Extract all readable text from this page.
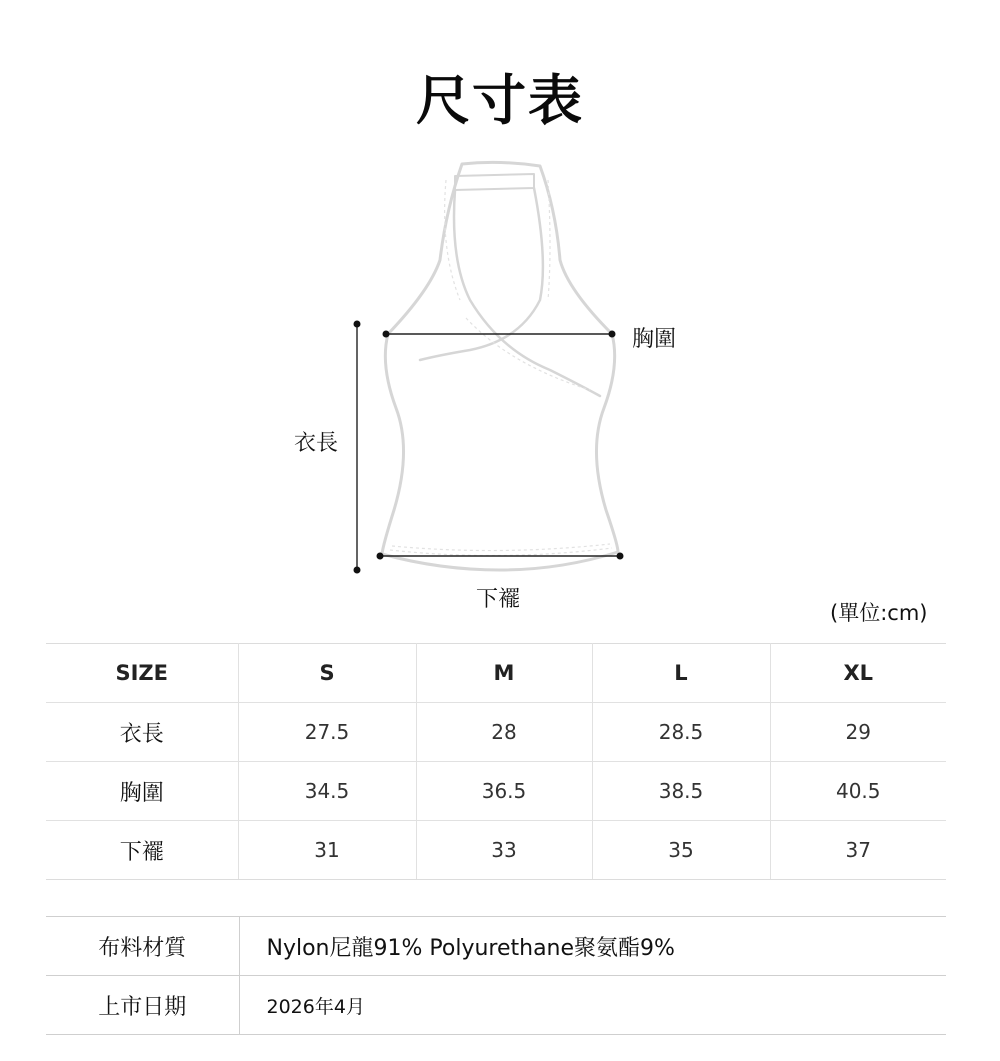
尺寸表
胸圍
衣長
下襬
(單位:cm)
SIZE	S	M	L	XL
衣長	27.5	28	28.5	29
胸圍	34.5	36.5	38.5	40.5
下襬	31	33	35	37
布料材質	Nylon尼龍91% Polyurethane聚氨酯9%
上市日期	2026年4月
